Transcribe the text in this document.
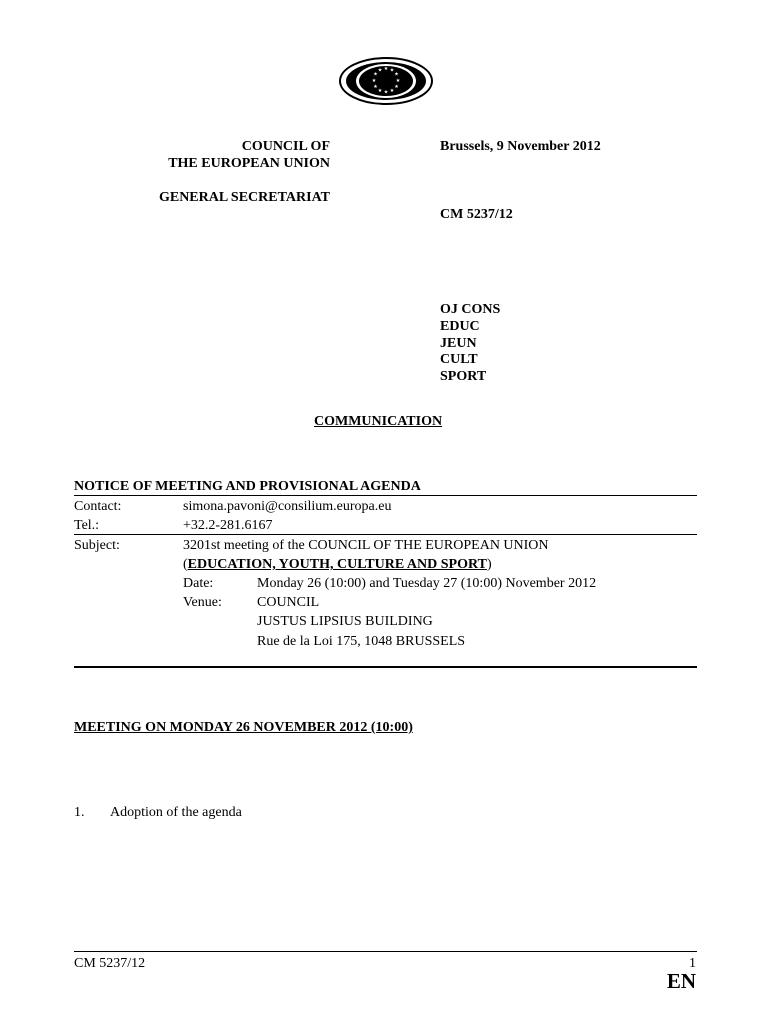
★ ★
★
★
★
★
★
★
★
★
★
★
COUNCIL OF
THE EUROPEAN UNION
GENERAL SECRETARIAT
Brussels, 9 November 2012
CM 5237/12
OJ CONS
EDUC
JEUN
CULT
SPORT
COMMUNICATION
NOTICE OF MEETING AND PROVISIONAL AGENDA
Contact:	simona.pavoni@consilium.europa.eu
Tel.:	+32.2-281.6167
Subject:	3201st meeting of the COUNCIL OF THE EUROPEAN UNION
(EDUCATION, YOUTH, CULTURE AND SPORT)
Date:	Monday 26 (10:00) and Tuesday 27 (10:00) November 2012
Venue:	COUNCIL
JUSTUS LIPSIUS BUILDING
Rue de la Loi 175, 1048 BRUSSELS
MEETING ON MONDAY 26 NOVEMBER 2012 (10:00)
1. Adoption of the agenda
CM 5237/12	1
EN
